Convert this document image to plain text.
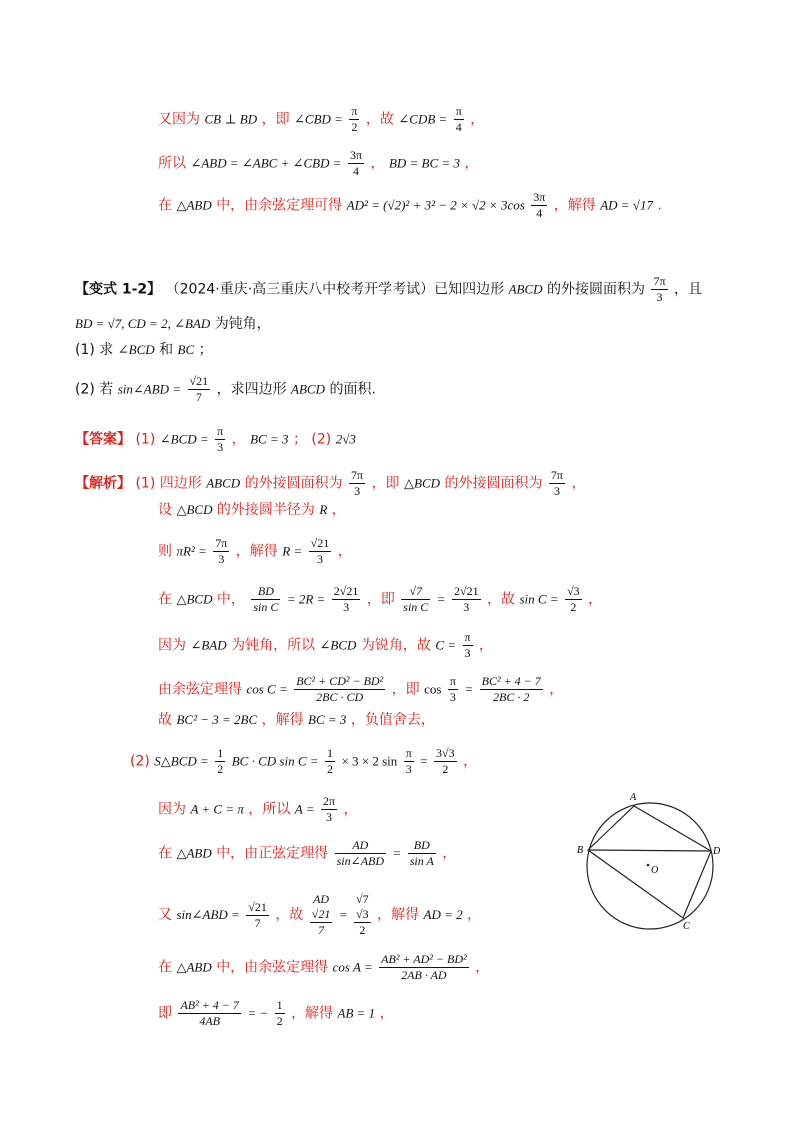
又因为 CB ⊥ BD ，即 ∠CBD = $\frac{\pi}{2}$ ，故 ∠CDB = $\frac{\pi}{4}$ ，
所以 ∠ABD = ∠ABC + ∠CBD = $\frac{3\pi}{4}$ ， BD = BC = 3 ，
在 △ABD 中，由余弦定理可得 $AD^2 = (√2)^2 + 3^2 - 2 \times √2 \times 3\cos \frac{3\pi}{4}$ ，解得 AD = √17 .
【变式 1-2】 （2024·重庆·高三重庆八中校考开学考试）已知四边形 ABCD 的外接圆面积为 $\frac{7\pi}{3}$ ，且
BD = √7, CD = 2, ∠BAD 为钝角，
(1) 求 ∠BCD 和 BC ；
(2) 若 sin∠ABD = $\frac{√21}{7}$ ，求四边形 ABCD 的面积.
【答案】 (1) ∠BCD = $\frac{\pi}{3}$ ， BC = 3 ； (2) 2√3
【解析】 (1) 四边形 ABCD 的外接圆面积为 $\frac{7\pi}{3}$ ，即 △BCD 的外接圆面积为 $\frac{7\pi}{3}$ ，
设 △BCD 的外接圆半径为 R ，
则 $\pi R^2 = \frac{7\pi}{3}$ ，解得 $R = \frac{√21}{3}$ ，
在 △BCD 中， $\frac{BD}{\text{sin C}} = 2R = \frac{2√21}{3}$ ，即 $\frac{√7}{\text{sin C}} = \frac{2√21}{3}$ ，故 $\sin C = \frac{√3}{2}$ ，
因为 ∠BAD 为钝角，所以 ∠BCD 为锐角，故 $C = \frac{\pi}{3}$ ，
由余弦定理得 $\cos C = \frac{\text{BC² + CD² − BD²}}{2BC \cdot CD}$ ，即 $\cos \frac{\pi}{3} = \frac{\text{BC² + 4 − 7}}{2BC \cdot 2}$ ，
故 BC² − 3 = 2BC ，解得 BC = 3 ，负值舍去，
(2) S△BCD = $\frac{1}{2}$ BC · CD $\sin C = \frac{1}{2} \times 3 \times 2$ $\sin \frac{\pi}{3} = \frac{3√3}{2}$ ，
因为 A + C = π ，所以 $A = \frac{2\pi}{3}$ ，
在 △ABD 中，由正弦定理得 $\frac{AD}{\text{sin∠ABD}} = \frac{BD}{\text{sin A}}$ ，
又 sin∠ABD = $\frac{√21}{7}$ ，故
AD
√21
7
=
√7
√3
2
，解得 AD = 2 ，
在 △ABD 中，由余弦定理得 $\cos A = \frac{\text{AB² + AD² − BD²}}{2AB \cdot AD}$ ，
即 $\frac{\text{AB² + 4 − 7}}{4AB}$ = − $\frac{1}{2}$ ，解得 AB = 1 ，
A
B
C
D
O
